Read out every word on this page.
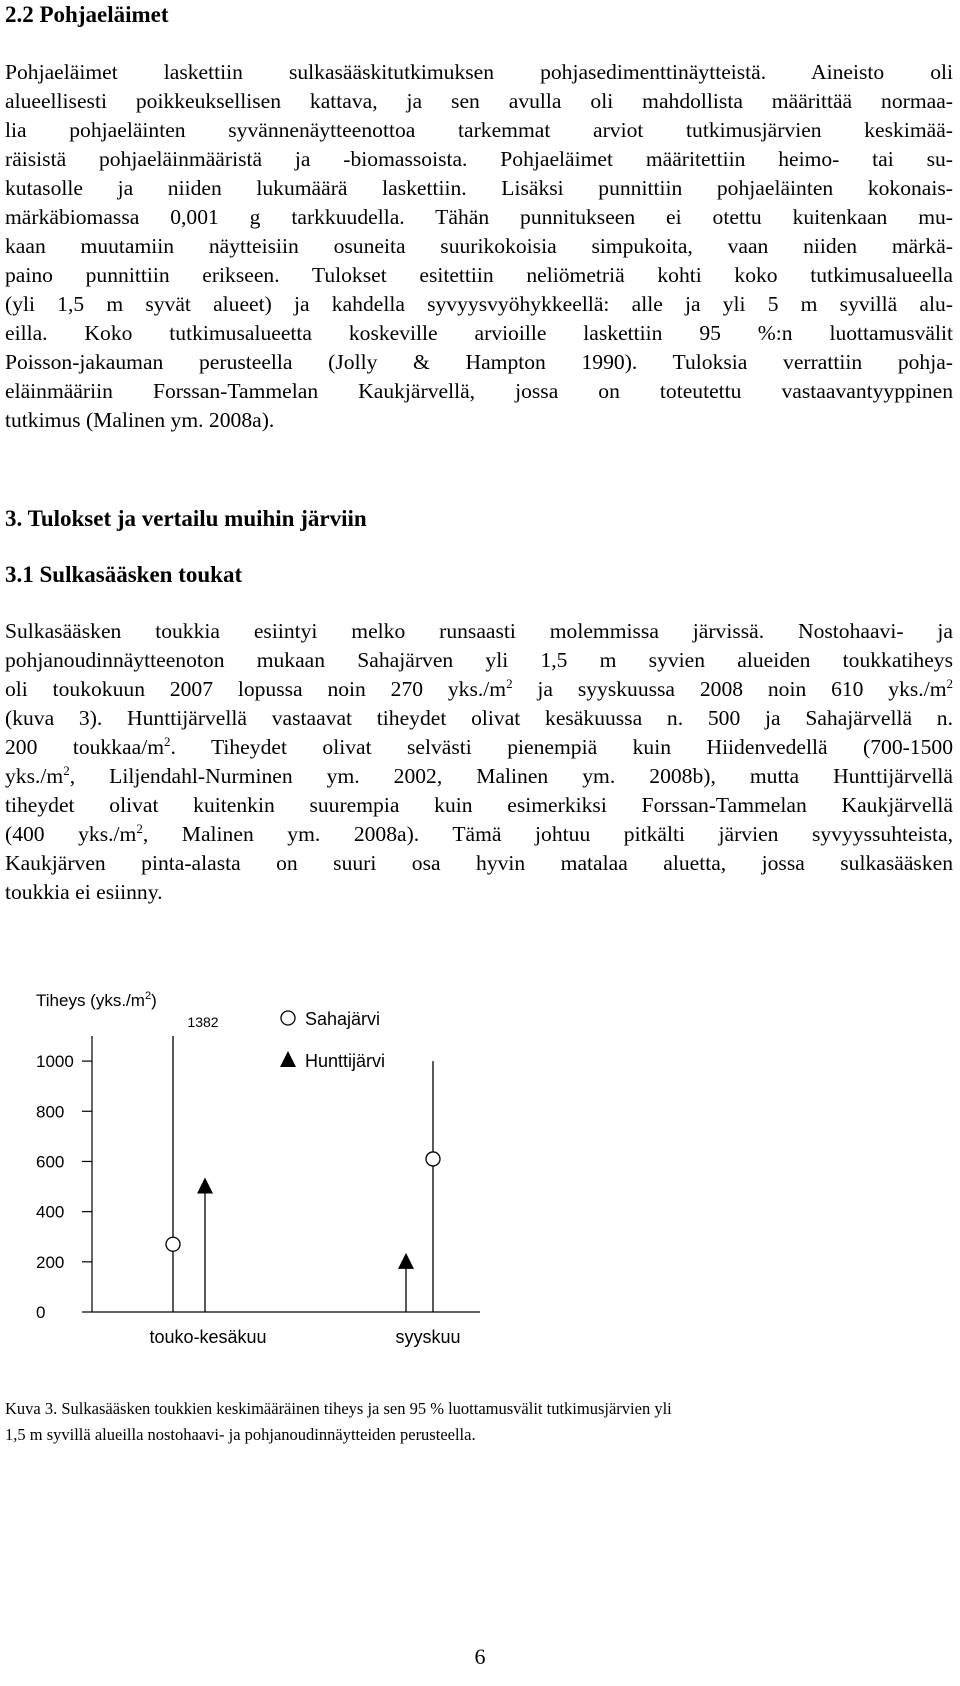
2.2 Pohjaeläimet
Pohjaeläimet laskettiin sulkasääskitutkimuksen pohjasedimenttinäytteistä. Aineisto oli
alueellisesti poikkeuksellisen kattava, ja sen avulla oli mahdollista määrittää normaa-
lia pohjaeläinten syvännenäytteenottoa tarkemmat arviot tutkimusjärvien keskimää-
räisistä pohjaeläinmääristä ja -biomassoista. Pohjaeläimet määritettiin heimo- tai su-
kutasolle ja niiden lukumäärä laskettiin. Lisäksi punnittiin pohjaeläinten kokonais-
märkäbiomassa 0,001 g tarkkuudella. Tähän punnitukseen ei otettu kuitenkaan mu-
kaan muutamiin näytteisiin osuneita suurikokoisia simpukoita, vaan niiden märkä-
paino punnittiin erikseen. Tulokset esitettiin neliömetriä kohti koko tutkimusalueella
(yli 1,5 m syvät alueet) ja kahdella syvyysvyöhykkeellä: alle ja yli 5 m syvillä alu-
eilla. Koko tutkimusalueetta koskeville arvioille laskettiin 95 %:n luottamusvälit
Poisson-jakauman perusteella (Jolly & Hampton 1990). Tuloksia verrattiin pohja-
eläinmääriin Forssan-Tammelan Kaukjärvellä, jossa on toteutettu vastaavantyyppinen
tutkimus (Malinen ym. 2008a).
3. Tulokset ja vertailu muihin järviin
3.1 Sulkasääsken toukat
Sulkasääsken toukkia esiintyi melko runsaasti molemmissa järvissä. Nostohaavi- ja
pohjanoudinnäytteenoton mukaan Sahajärven yli 1,5 m syvien alueiden toukkatiheys
oli toukokuun 2007 lopussa noin 270 $yks./m^2$ ja syyskuussa 2008 noin 610 $yks./m^2$
(kuva 3). Hunttijärvellä vastaavat tiheydet olivat kesäkuussa n. 500 ja Sahajärvellä n.
200 toukkaa/$m^2$. Tiheydet olivat selvästi pienempiä kuin Hiidenvedellä (700-1500
$yks./m^2$, Liljendahl-Nurminen ym. 2002, Malinen ym. 2008b), mutta Hunttijärvellä
tiheydet olivat kuitenkin suurempia kuin esimerkiksi Forssan-Tammelan Kaukjärvellä
(400 $yks./m^2$, Malinen ym. 2008a). Tämä johtuu pitkälti järvien syvyyssuhteista,
Kaukjärven pinta-alasta on suuri osa hyvin matalaa aluetta, jossa sulkasääsken
toukkia ei esiinny.
Tiheys $(yks./m^2)$
0
200
400
600
800
1000
touko-kesäkuu	syyskuu
1382	Sahajärvi
Hunttijärvi
Kuva 3. Sulkasääsken toukkien keskimääräinen tiheys ja sen 95 % luottamusvälit tutkimusjärvien yli
1,5 m syvillä alueilla nostohaavi- ja pohjanoudinnäytteiden perusteella.
6
